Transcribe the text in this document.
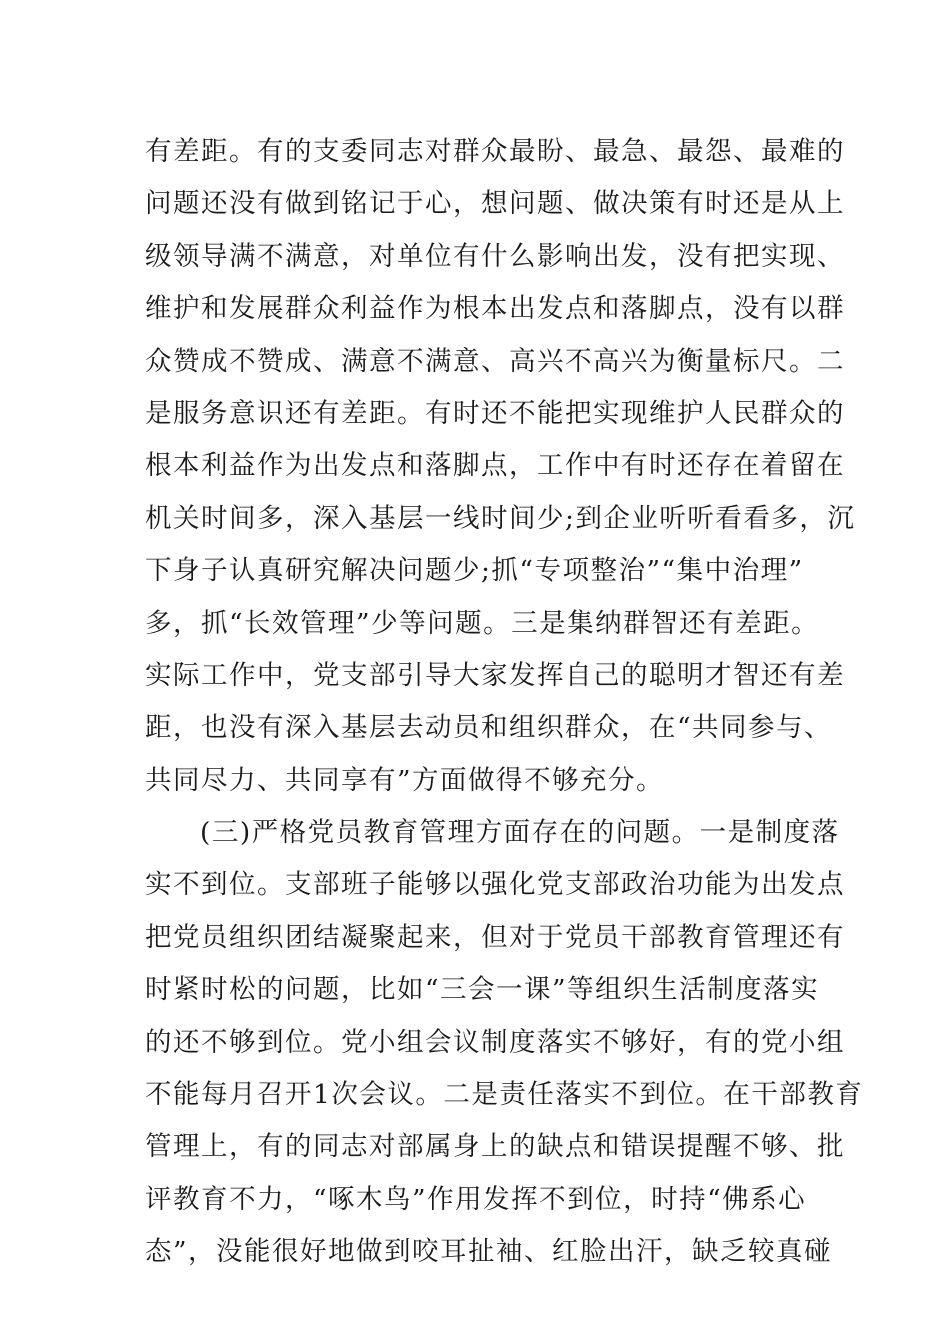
有差距。有的支委同志对群众最盼、最急、最怨、最难的
问题还没有做到铭记于心，想问题、做决策有时还是从上
级领导满不满意，对单位有什么影响出发，没有把实现、
维护和发展群众利益作为根本出发点和落脚点，没有以群
众赞成不赞成、满意不满意、高兴不高兴为衡量标尺。二
是服务意识还有差距。有时还不能把实现维护人民群众的
根本利益作为出发点和落脚点，工作中有时还存在着留在
机关时间多，深入基层一线时间少;到企业听听看看多，沉
下身子认真研究解决问题少;抓“专项整治”“集中治理”
多，抓“长效管理”少等问题。三是集纳群智还有差距。
实际工作中，党支部引导大家发挥自己的聪明才智还有差
距，也没有深入基层去动员和组织群众，在“共同参与、
共同尽力、共同享有”方面做得不够充分。
(三)严格党员教育管理方面存在的问题。一是制度落
实不到位。支部班子能够以强化党支部政治功能为出发点
把党员组织团结凝聚起来，但对于党员干部教育管理还有
时紧时松的问题，比如“三会一课”等组织生活制度落实
的还不够到位。党小组会议制度落实不够好，有的党小组
不能每月召开1次会议。二是责任落实不到位。在干部教育
管理上，有的同志对部属身上的缺点和错误提醒不够、批
评教育不力，“啄木鸟”作用发挥不到位，时持“佛系心
态”，没能很好地做到咬耳扯袖、红脸出汗，缺乏较真碰
